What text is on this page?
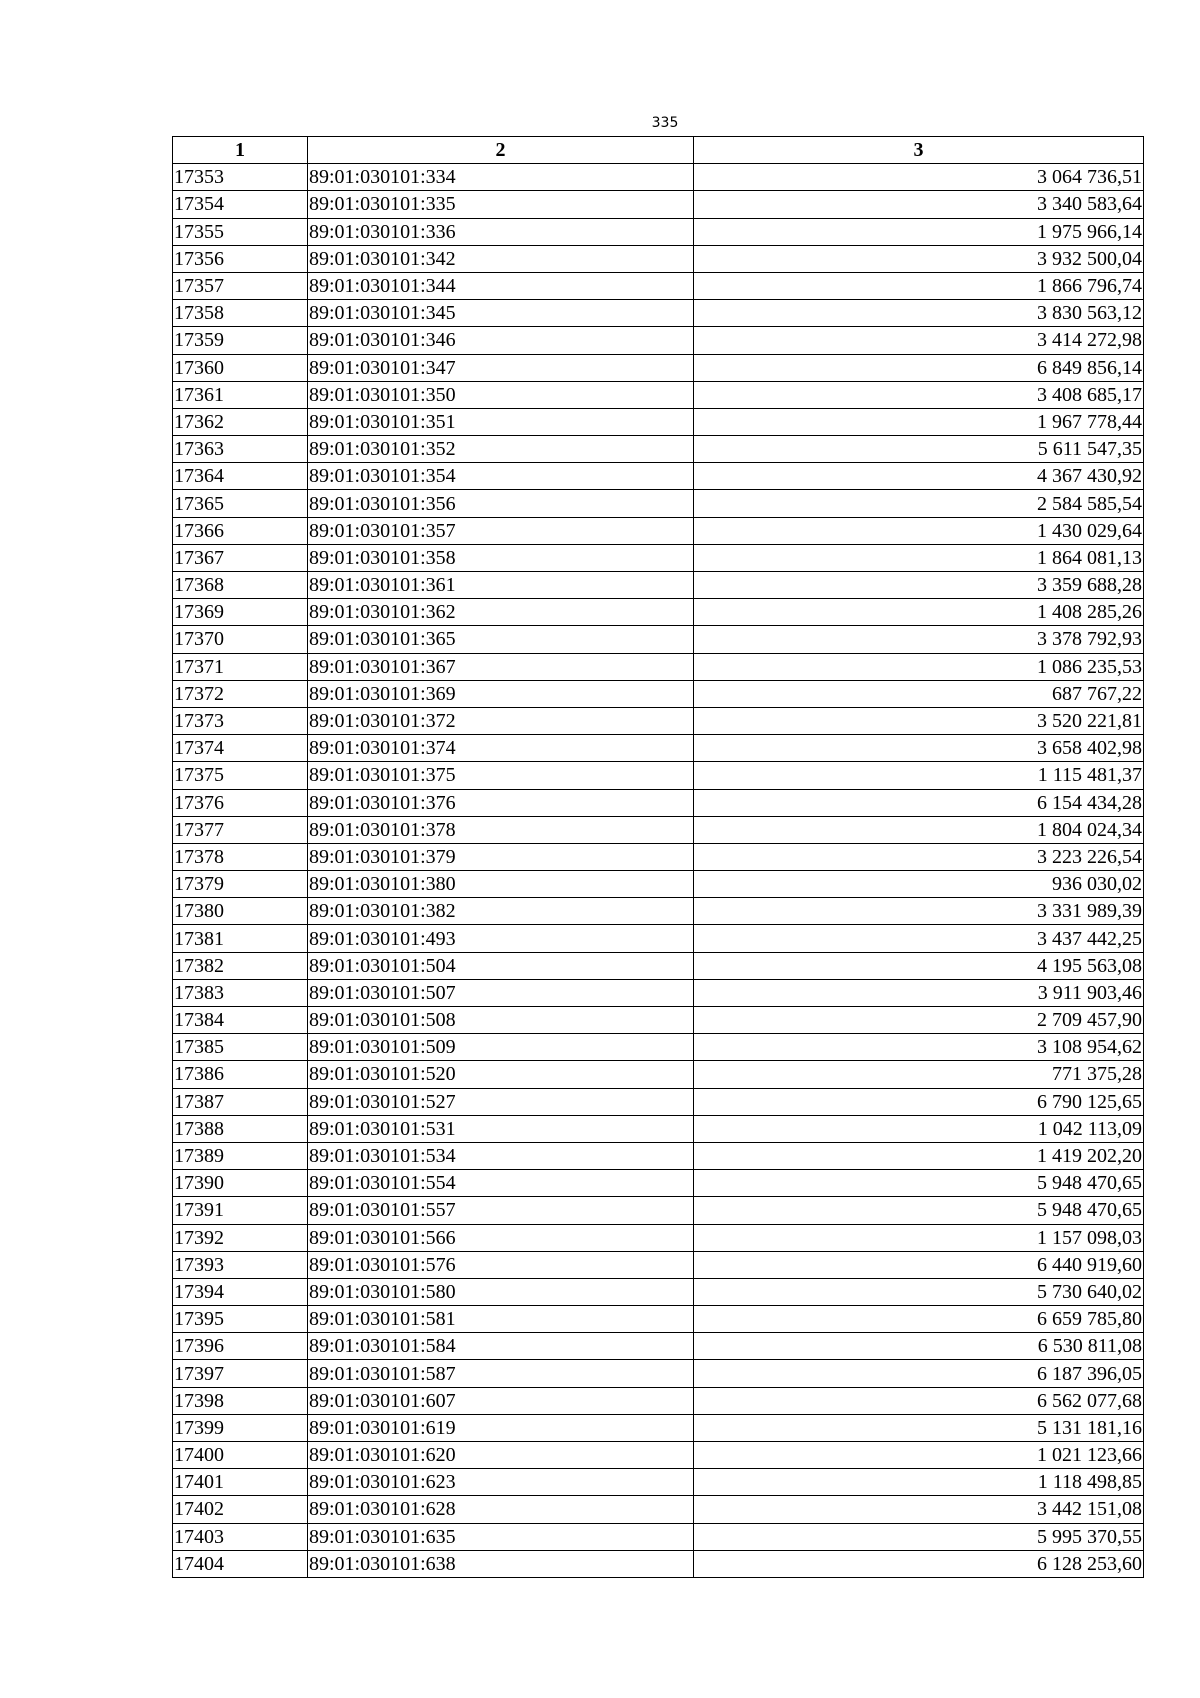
335
1	2	3
17353	89:01:030101:334	3 064 736,51
17354	89:01:030101:335	3 340 583,64
17355	89:01:030101:336	1 975 966,14
17356	89:01:030101:342	3 932 500,04
17357	89:01:030101:344	1 866 796,74
17358	89:01:030101:345	3 830 563,12
17359	89:01:030101:346	3 414 272,98
17360	89:01:030101:347	6 849 856,14
17361	89:01:030101:350	3 408 685,17
17362	89:01:030101:351	1 967 778,44
17363	89:01:030101:352	5 611 547,35
17364	89:01:030101:354	4 367 430,92
17365	89:01:030101:356	2 584 585,54
17366	89:01:030101:357	1 430 029,64
17367	89:01:030101:358	1 864 081,13
17368	89:01:030101:361	3 359 688,28
17369	89:01:030101:362	1 408 285,26
17370	89:01:030101:365	3 378 792,93
17371	89:01:030101:367	1 086 235,53
17372	89:01:030101:369	687 767,22
17373	89:01:030101:372	3 520 221,81
17374	89:01:030101:374	3 658 402,98
17375	89:01:030101:375	1 115 481,37
17376	89:01:030101:376	6 154 434,28
17377	89:01:030101:378	1 804 024,34
17378	89:01:030101:379	3 223 226,54
17379	89:01:030101:380	936 030,02
17380	89:01:030101:382	3 331 989,39
17381	89:01:030101:493	3 437 442,25
17382	89:01:030101:504	4 195 563,08
17383	89:01:030101:507	3 911 903,46
17384	89:01:030101:508	2 709 457,90
17385	89:01:030101:509	3 108 954,62
17386	89:01:030101:520	771 375,28
17387	89:01:030101:527	6 790 125,65
17388	89:01:030101:531	1 042 113,09
17389	89:01:030101:534	1 419 202,20
17390	89:01:030101:554	5 948 470,65
17391	89:01:030101:557	5 948 470,65
17392	89:01:030101:566	1 157 098,03
17393	89:01:030101:576	6 440 919,60
17394	89:01:030101:580	5 730 640,02
17395	89:01:030101:581	6 659 785,80
17396	89:01:030101:584	6 530 811,08
17397	89:01:030101:587	6 187 396,05
17398	89:01:030101:607	6 562 077,68
17399	89:01:030101:619	5 131 181,16
17400	89:01:030101:620	1 021 123,66
17401	89:01:030101:623	1 118 498,85
17402	89:01:030101:628	3 442 151,08
17403	89:01:030101:635	5 995 370,55
17404	89:01:030101:638	6 128 253,60
